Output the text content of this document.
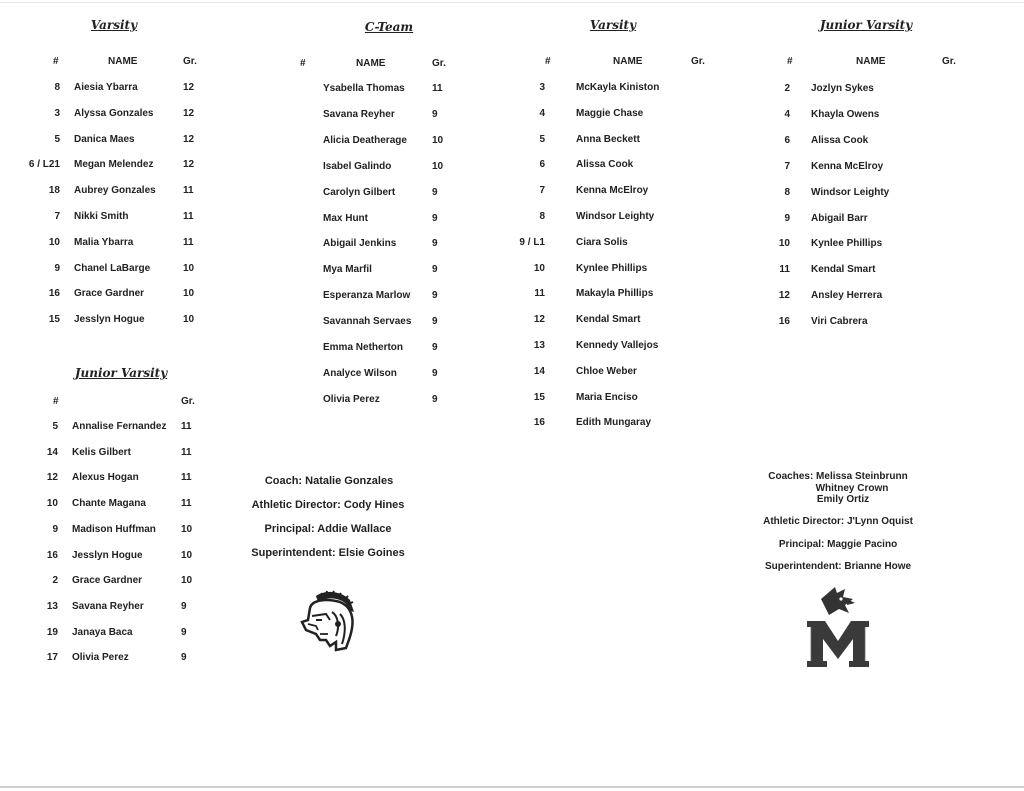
Varsity
#	NAME	Gr.
8 Aiesia Ybarra	12
3 Alyssa Gonzales	12
5 Danica Maes	12
6 / L21 Megan Melendez	12
18 Aubrey Gonzales	11
7 Nikki Smith	11
10 Malia Ybarra	11
9 Chanel LaBarge	10
16 Grace Gardner	10
15 Jesslyn Hogue	10
Junior Varsity
#	Gr.
5 Annalise Fernandez 11
14 Kelis Gilbert	11
12 Alexus Hogan	11
10 Chante Magana	11
9 Madison Huffman	10
16 Jesslyn Hogue	10
2 Grace Gardner	10
13 Savana Reyher	9
19 Janaya Baca	9
17 Olivia Perez	9
C-Team
#	NAME	Gr.
Ysabella Thomas	11
Savana Reyher	9
Alicia Deatherage	10
Isabel Galindo	10
Carolyn Gilbert	9
Max Hunt	9
Abigail Jenkins	9
Mya Marfil	9
Esperanza Marlow 9
Savannah Servaes 9
Emma Netherton	9
Analyce Wilson	9
Olivia Perez	9
Coach: Natalie Gonzales
Athletic Director: Cody Hines
Principal: Addie Wallace
Superintendent: Elsie Goines
Varsity
#	NAME	Gr.
3	McKayla Kiniston
4	Maggie Chase
5	Anna Beckett
6	Alissa Cook
7	Kenna McElroy
8	Windsor Leighty
9 / L1	Ciara Solis
10	Kynlee Phillips
11	Makayla Phillips
12	Kendal Smart
13	Kennedy Vallejos
14	Chloe Weber
15	Maria Enciso
16	Edith Mungaray
Junior Varsity
#	NAME	Gr.
2 Jozlyn Sykes
4 Khayla Owens
6 Alissa Cook
7 Kenna McElroy
8 Windsor Leighty
9 Abigail Barr
10 Kynlee Phillips
11 Kendal Smart
12 Ansley Herrera
16 Viri Cabrera
Coaches: Melissa Steinbrunn
Whitney Crown
Emily Ortiz
Athletic Director: J'Lynn Oquist
Principal: Maggie Pacino
Superintendent: Brianne Howe
